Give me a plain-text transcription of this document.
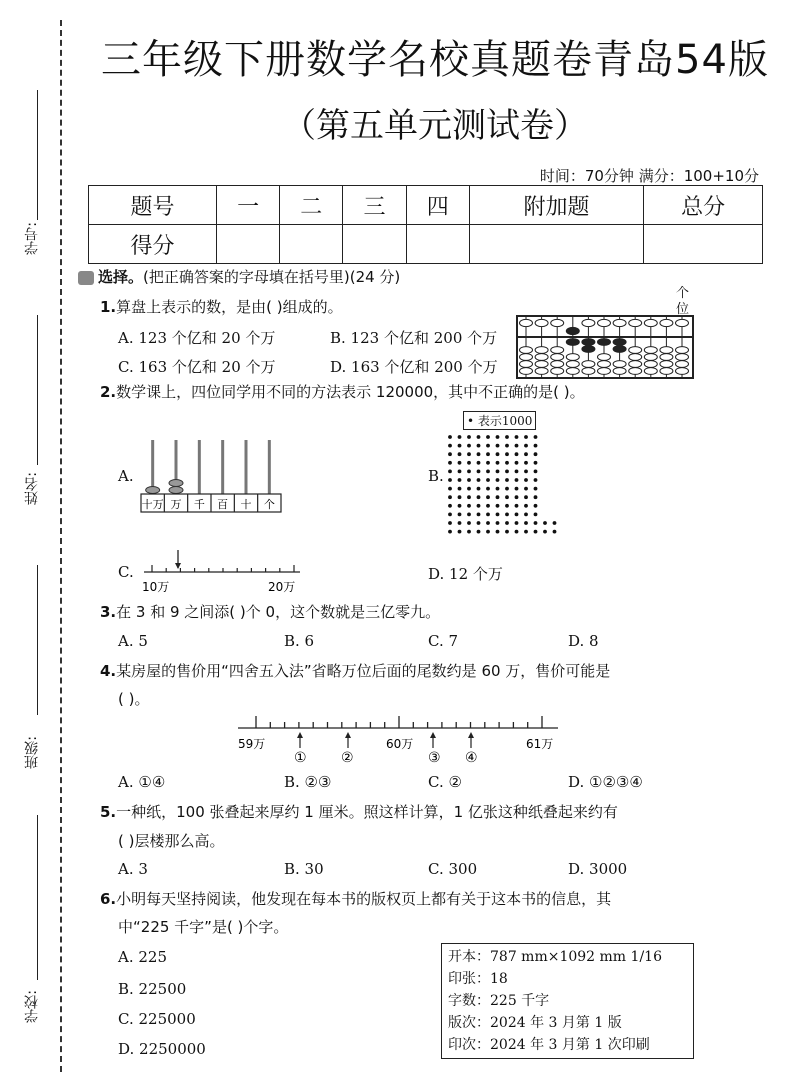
学号:
姓名:
班级:
学校:
三年级下册数学名校真题卷青岛54版
（第五单元测试卷）
时间：70分钟 满分：100+10分
题号	一	二	三	四	附加题	总分
得分						
选择。(把正确答案的字母填在括号里)(24 分)
1.算盘上表示的数，是由( )组成的。
A. 123 个亿和 20 个万	B. 123 个亿和 200 个万
C. 163 个亿和 20 个万	D. 163 个亿和 200 个万
个
位
2.数学课上，四位同学用不同的方法表示 120000，其中不正确的是( )。
A.
十万 万 千 百 十 个
B.
• 表示1000
C.
10万	20万
D. 12 个万
3.在 3 和 9 之间添( )个 0，这个数就是三亿零九。
A. 5	B. 6	C. 7	D. 8
4.某房屋的售价用“四舍五入法”省略万位后面的尾数约是 60 万，售价可能是
( )。
59万	60万	61万
① ②	③ ④
A. ①④	B. ②③	C. ②	D. ①②③④
5.一种纸，100 张叠起来厚约 1 厘米。照这样计算，1 亿张这种纸叠起来约有
( )层楼那么高。
A. 3	B. 30	C. 300	D. 3000
6.小明每天坚持阅读，他发现在每本书的版权页上都有关于这本书的信息，其
中“225 千字”是( )个字。
A. 225
B. 22500
C. 225000
D. 2250000
开本：787 mm×1092 mm 1/16
印张：18
字数：225 千字
版次：2024 年 3 月第 1 版
印次：2024 年 3 月第 1 次印刷
